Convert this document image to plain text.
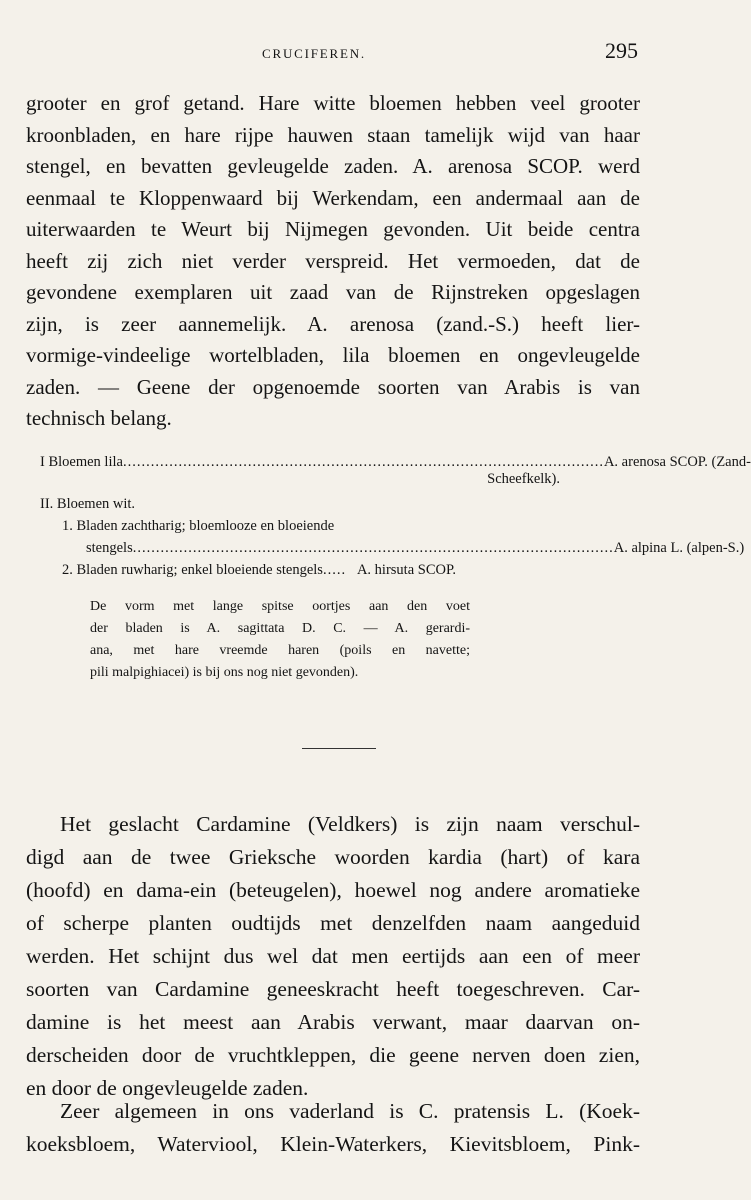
CRUCIFEREN.	295
grooter en grof getand. Hare witte bloemen hebben veel grooter
kroonbladen, en hare rijpe hauwen staan tamelijk wijd van haar
stengel, en bevatten gevleugelde zaden. A. arenosa SCOP. werd
eenmaal te Kloppenwaard bij Werkendam, een andermaal aan de
uiterwaarden te Weurt bij Nijmegen gevonden. Uit beide centra
heeft zij zich niet verder verspreid. Het vermoeden, dat de
gevondene exemplaren uit zaad van de Rijnstreken opgeslagen
zijn, is zeer aannemelijk. A. arenosa (zand.-S.) heeft lier-
vormige-vindeelige wortelbladen, lila bloemen en ongevleugelde
zaden. — Geene der opgenoemde soorten van Arabis is van
technisch belang.
I Bloemen lila ........................................................................................................ A. arenosa SCOP. (Zand-
Scheefkelk).
II. Bloemen wit.
1. Bladen zachtharig; bloemlooze en bloeiende
stengels ........................................................................................................ A. alpina L. (alpen-S.)
2. Bladen ruwharig; enkel bloeiende stengels ..... A. hirsuta SCOP.
De vorm met lange spitse oortjes aan den voet
der bladen is A. sagittata D. C. — A. gerardi-
ana, met hare vreemde haren (poils en navette;
pili malpighiacei) is bij ons nog niet gevonden).
Het geslacht Cardamine (Veldkers) is zijn naam verschul-
digd aan de twee Grieksche woorden kardia (hart) of kara
(hoofd) en dama-ein (beteugelen), hoewel nog andere aromatieke
of scherpe planten oudtijds met denzelfden naam aangeduid
werden. Het schijnt dus wel dat men eertijds aan een of meer
soorten van Cardamine geneeskracht heeft toegeschreven. Car-
damine is het meest aan Arabis verwant, maar daarvan on-
derscheiden door de vruchtkleppen, die geene nerven doen zien,
en door de ongevleugelde zaden.
Zeer algemeen in ons vaderland is C. pratensis L. (Koek-
koeksbloem, Waterviool, Klein-Waterkers, Kievitsbloem, Pink-
